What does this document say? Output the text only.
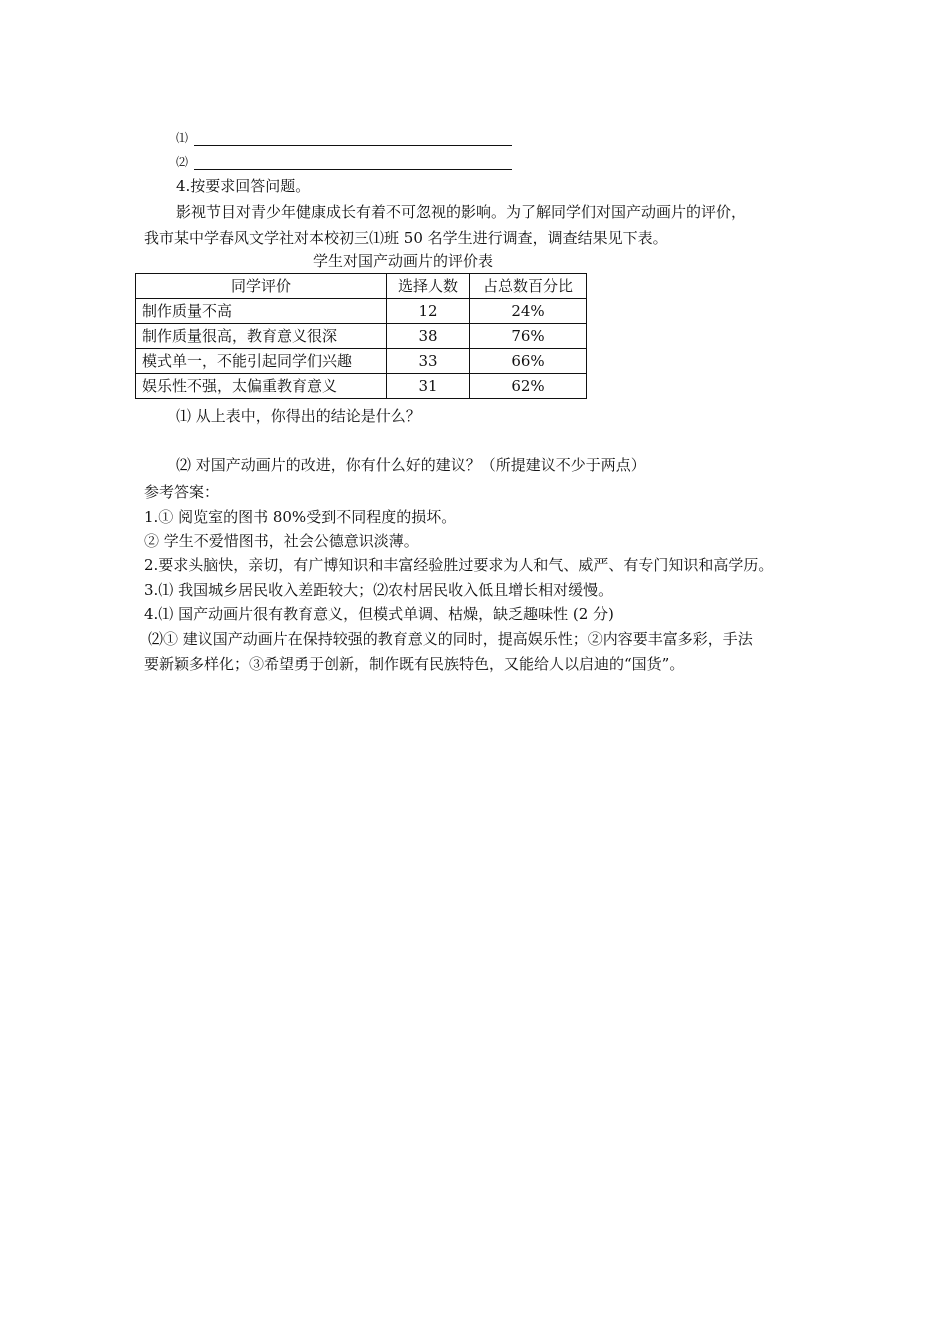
⑴
⑵
4.按要求回答问题。
影视节目对青少年健康成长有着不可忽视的影响。为了解同学们对国产动画片的评价，
我市某中学春风文学社对本校初三⑴班 50 名学生进行调查，调查结果见下表。
学生对国产动画片的评价表
同学评价	选择人数	占总数百分比
制作质量不高	12	24%
制作质量很高，教育意义很深	38	76%
模式单一，不能引起同学们兴趣	33	66%
娱乐性不强，太偏重教育意义	31	62%
⑴ 从上表中，你得出的结论是什么？
⑵ 对国产动画片的改进，你有什么好的建议？（所提建议不少于两点）
参考答案：
1.① 阅览室的图书 80%受到不同程度的损坏。
② 学生不爱惜图书，社会公德意识淡薄。
2.要求头脑快，亲切，有广博知识和丰富经验胜过要求为人和气、威严、有专门知识和高学历。
3.⑴ 我国城乡居民收入差距较大；⑵农村居民收入低且增长相对缓慢。
4.⑴ 国产动画片很有教育意义，但模式单调、枯燥，缺乏趣味性 (2 分)
⑵① 建议国产动画片在保持较强的教育意义的同时，提高娱乐性；②内容要丰富多彩，手法
要新颖多样化；③希望勇于创新，制作既有民族特色，又能给人以启迪的“国货”。
